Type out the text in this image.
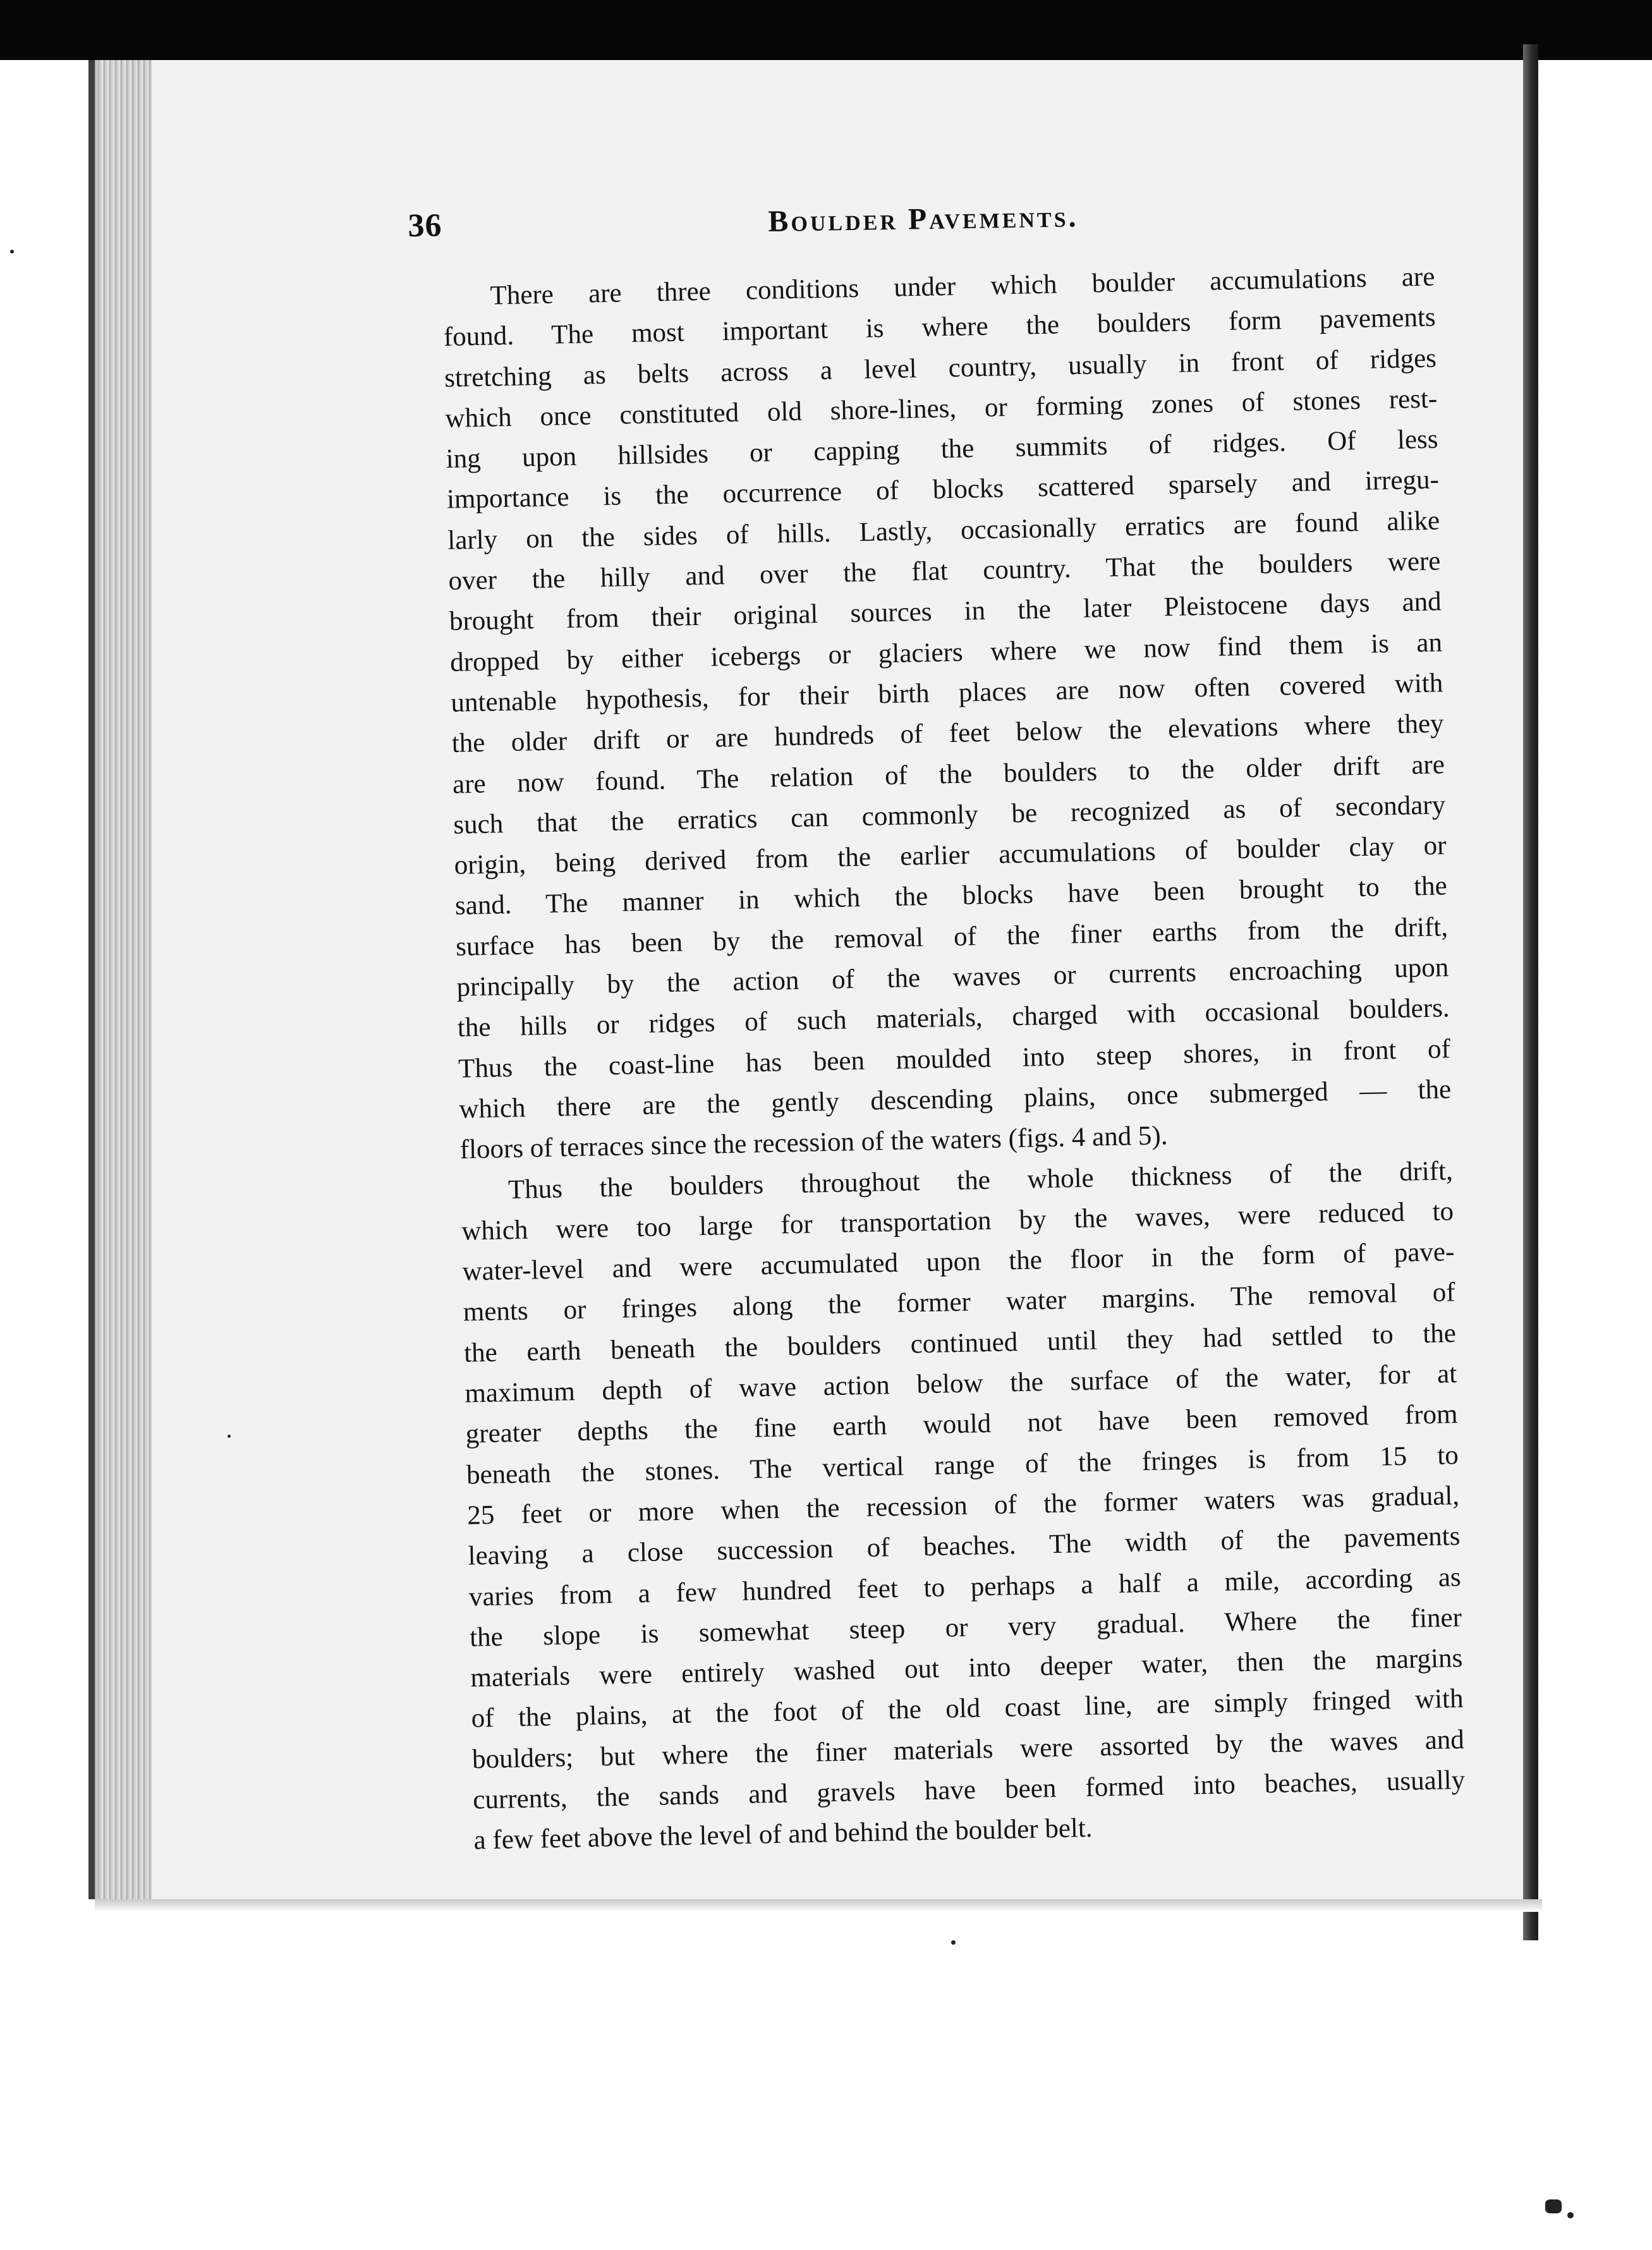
36	Boulder Pavements.
There are three conditions under which boulder accumulations are
found. The most important is where the boulders form pavements
stretching as belts across a level country, usually in front of ridges
which once constituted old shore-lines, or forming zones of stones rest-
ing upon hillsides or capping the summits of ridges. Of less
importance is the occurrence of blocks scattered sparsely and irregu-
larly on the sides of hills. Lastly, occasionally erratics are found alike
over the hilly and over the flat country. That the boulders were
brought from their original sources in the later Pleistocene days and
dropped by either icebergs or glaciers where we now find them is an
untenable hypothesis, for their birth places are now often covered with
the older drift or are hundreds of feet below the elevations where they
are now found. The relation of the boulders to the older drift are
such that the erratics can commonly be recognized as of secondary
origin, being derived from the earlier accumulations of boulder clay or
sand. The manner in which the blocks have been brought to the
surface has been by the removal of the finer earths from the drift,
principally by the action of the waves or currents encroaching upon
the hills or ridges of such materials, charged with occasional boulders.
Thus the coast-line has been moulded into steep shores, in front of
which there are the gently descending plains, once submerged — the
floors of terraces since the recession of the waters (figs. 4 and 5).
Thus the boulders throughout the whole thickness of the drift,
which were too large for transportation by the waves, were reduced to
water-level and were accumulated upon the floor in the form of pave-
ments or fringes along the former water margins. The removal of
the earth beneath the boulders continued until they had settled to the
maximum depth of wave action below the surface of the water, for at
greater depths the fine earth would not have been removed from
beneath the stones. The vertical range of the fringes is from 15 to
25 feet or more when the recession of the former waters was gradual,
leaving a close succession of beaches. The width of the pavements
varies from a few hundred feet to perhaps a half a mile, according as
the slope is somewhat steep or very gradual. Where the finer
materials were entirely washed out into deeper water, then the margins
of the plains, at the foot of the old coast line, are simply fringed with
boulders; but where the finer materials were assorted by the waves and
currents, the sands and gravels have been formed into beaches, usually
a few feet above the level of and behind the boulder belt.
